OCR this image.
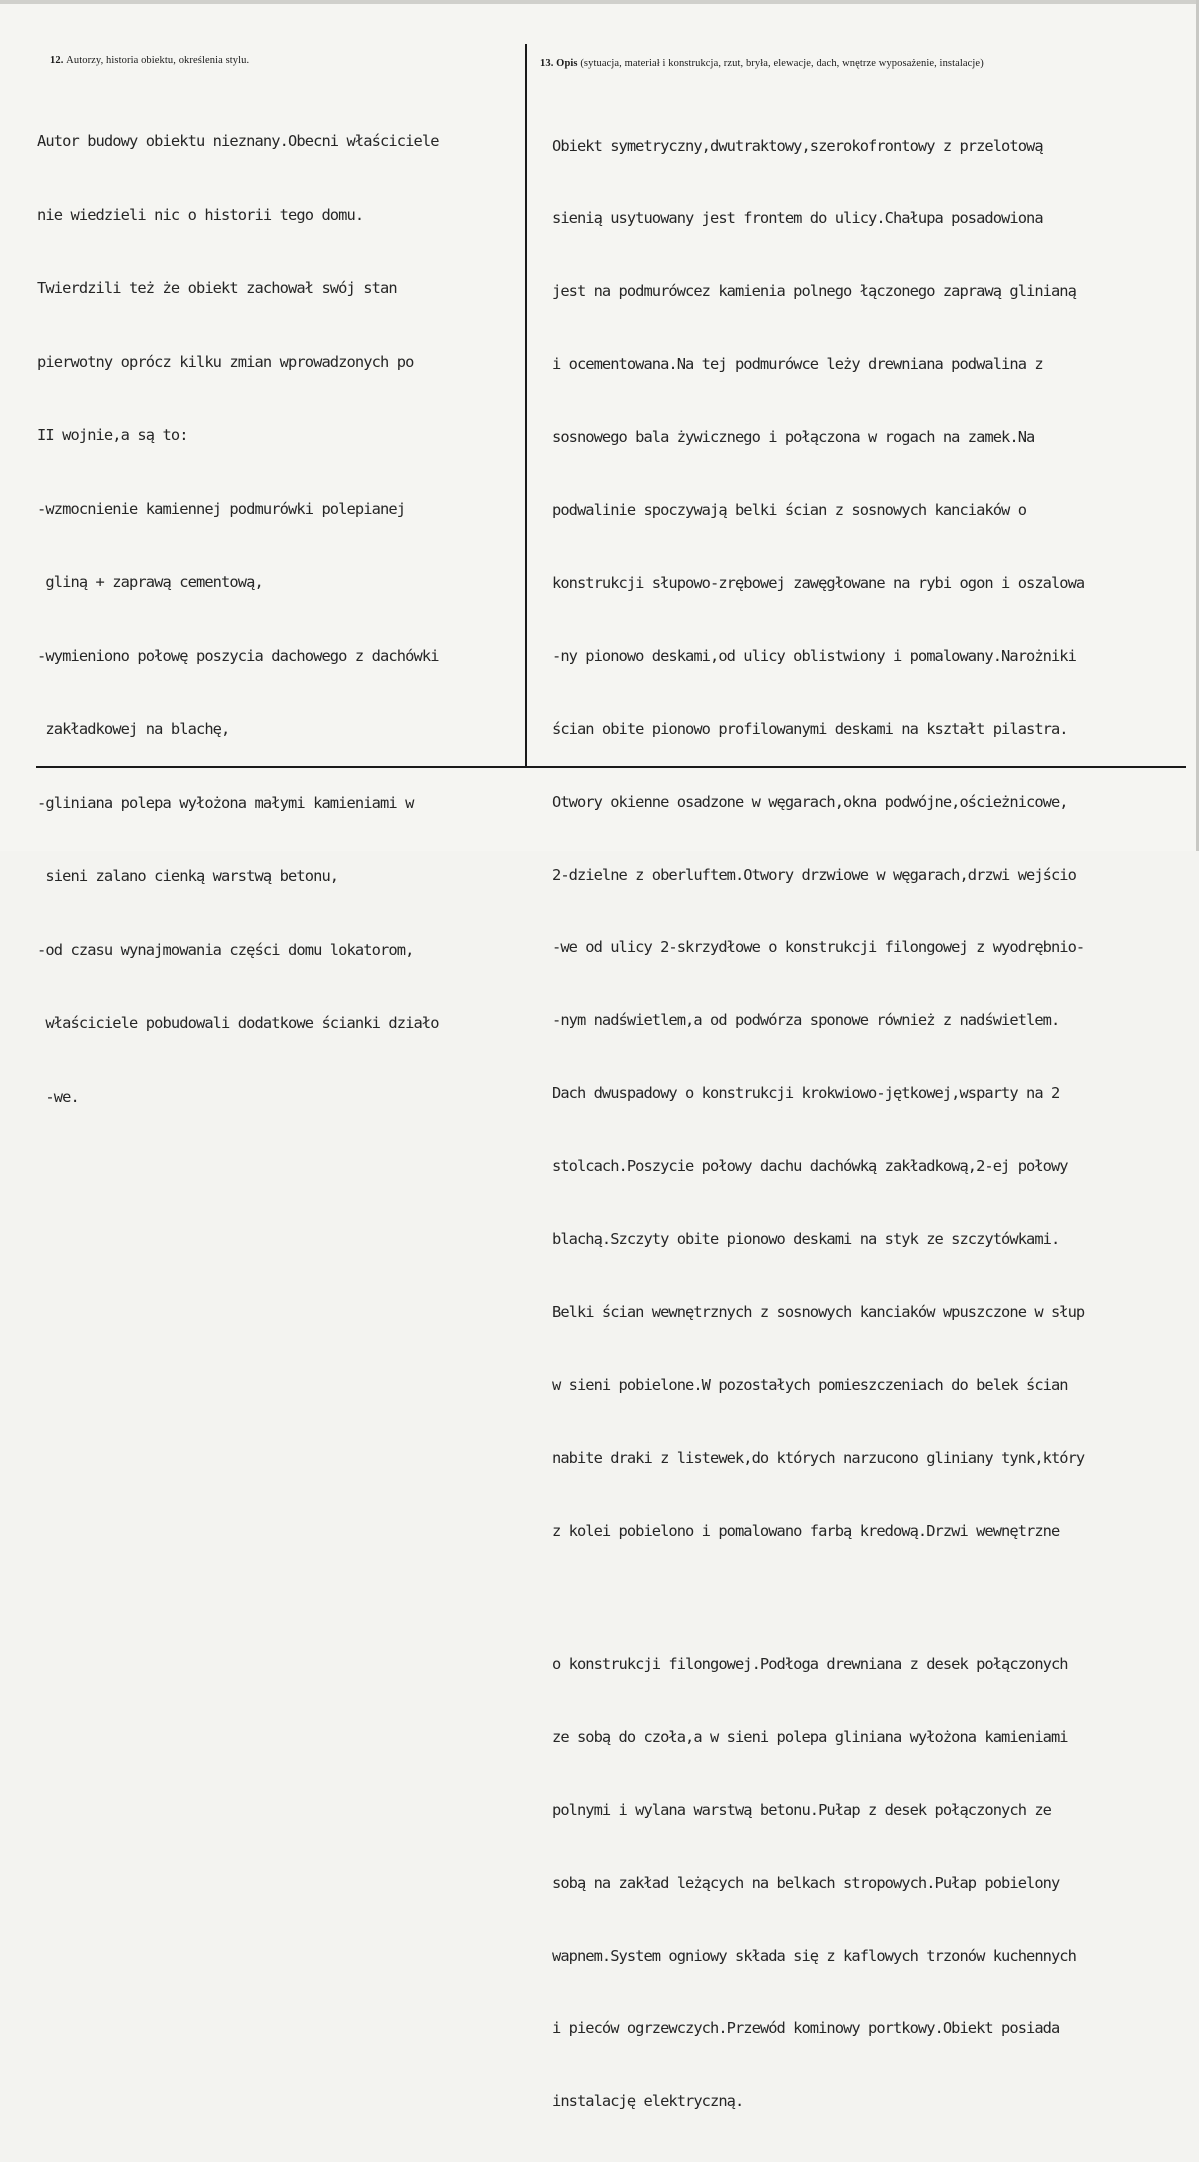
12. Autorzy, historia obiektu, określenia stylu.	13. Opis (sytuacja, materiał i konstrukcja, rzut, bryła, elewacje, dach, wnętrze wyposażenie, instalacje)

Autor budowy obiektu nieznany.Obecni właściciele

nie wiedzieli nic o historii tego domu.

Twierdzili też że obiekt zachował swój stan

pierwotny oprócz kilku zmian wprowadzonych po

II wojnie,a są to:

-wzmocnienie kamiennej podmurówki polepianej

gliną + zaprawą cementową,

-wymieniono połowę poszycia dachowego z dachówki

zakładkowej na blachę,

-gliniana polepa wyłożona małymi kamieniami w

sieni zalano cienką warstwą betonu,

-od czasu wynajmowania części domu lokatorom,

właściciele pobudowali dodatkowe ścianki działo

-we.

Obiekt symetryczny,dwutraktowy,szerokofrontowy z przelotową

sienią usytuowany jest frontem do ulicy.Chałupa posadowiona

jest na podmurówcez kamienia polnego łączonego zaprawą glinianą

i ocementowana.Na tej podmurówce leży drewniana podwalina z

sosnowego bala żywicznego i połączona w rogach na zamek.Na

podwalinie spoczywają belki ścian z sosnowych kanciaków o

konstrukcji słupowo-zrębowej zawęgłowane na rybi ogon i oszalowa

-ny pionowo deskami,od ulicy oblistwiony i pomalowany.Narożniki

ścian obite pionowo profilowanymi deskami na kształt pilastra.

Otwory okienne osadzone w węgarach,okna podwójne,ościeżnicowe,

2-dzielne z oberluftem.Otwory drzwiowe w węgarach,drzwi wejścio

-we od ulicy 2-skrzydłowe o konstrukcji filongowej z wyodrębnio-

-nym nadświetlem,a od podwórza sponowe również z nadświetlem.

Dach dwuspadowy o konstrukcji krokwiowo-jętkowej,wsparty na 2

stolcach.Poszycie połowy dachu dachówką zakładkową,2-ej połowy

blachą.Szczyty obite pionowo deskami na styk ze szczytówkami.

Belki ścian wewnętrznych z sosnowych kanciaków wpuszczone w słup

w sieni pobielone.W pozostałych pomieszczeniach do belek ścian

nabite draki z listewek,do których narzucono gliniany tynk,który

z kolei pobielono i pomalowano farbą kredową.Drzwi wewnętrzne

o konstrukcji filongowej.Podłoga drewniana z desek połączonych

ze sobą do czoła,a w sieni polepa gliniana wyłożona kamieniami

polnymi i wylana warstwą betonu.Pułap z desek połączonych ze

sobą na zakład leżących na belkach stropowych.Pułap pobielony

wapnem.System ogniowy składa się z kaflowych trzonów kuchennych

i pieców ogrzewczych.Przewód kominowy portkowy.Obiekt posiada

instalację elektryczną.
